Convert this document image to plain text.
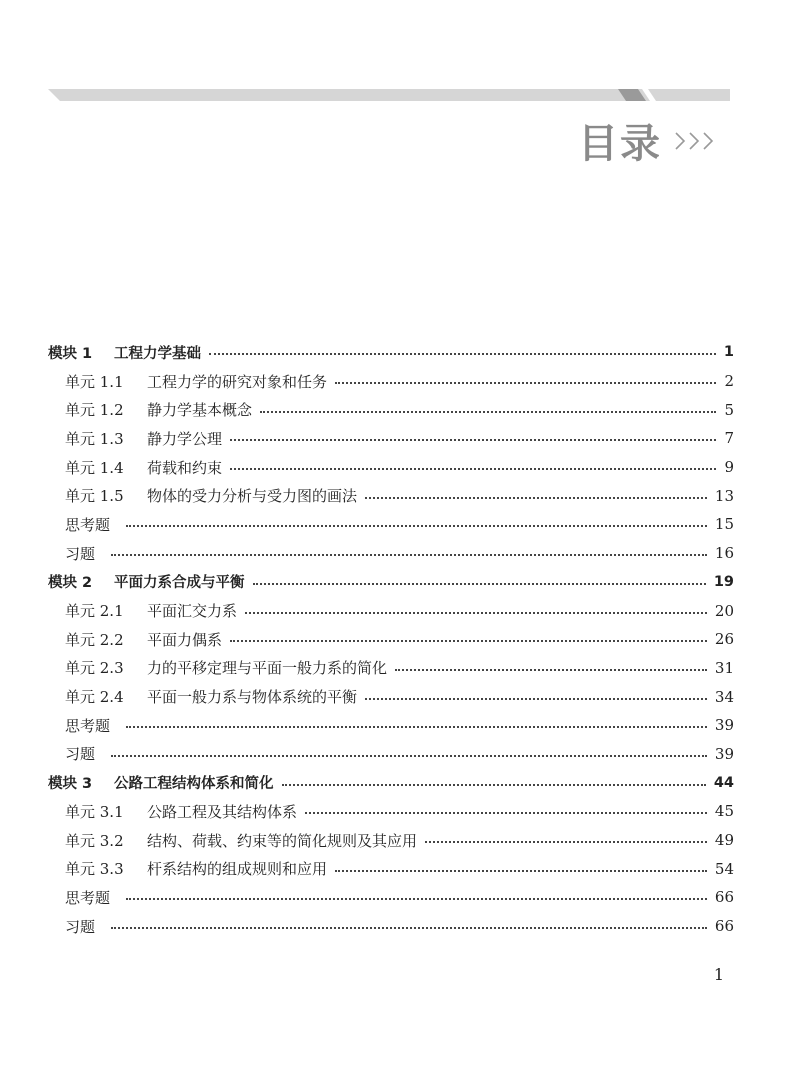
目录
模块 1	工程力学基础	1
单元 1.1	工程力学的研究对象和任务	2
单元 1.2	静力学基本概念	5
单元 1.3	静力学公理	7
单元 1.4	荷载和约束	9
单元 1.5	物体的受力分析与受力图的画法	13
思考题	15
习题	16
模块 2	平面力系合成与平衡	19
单元 2.1	平面汇交力系	20
单元 2.2	平面力偶系	26
单元 2.3	力的平移定理与平面一般力系的简化	31
单元 2.4	平面一般力系与物体系统的平衡	34
思考题	39
习题	39
模块 3	公路工程结构体系和简化	44
单元 3.1	公路工程及其结构体系	45
单元 3.2	结构、荷载、约束等的简化规则及其应用	49
单元 3.3	杆系结构的组成规则和应用	54
思考题	66
习题	66
1
